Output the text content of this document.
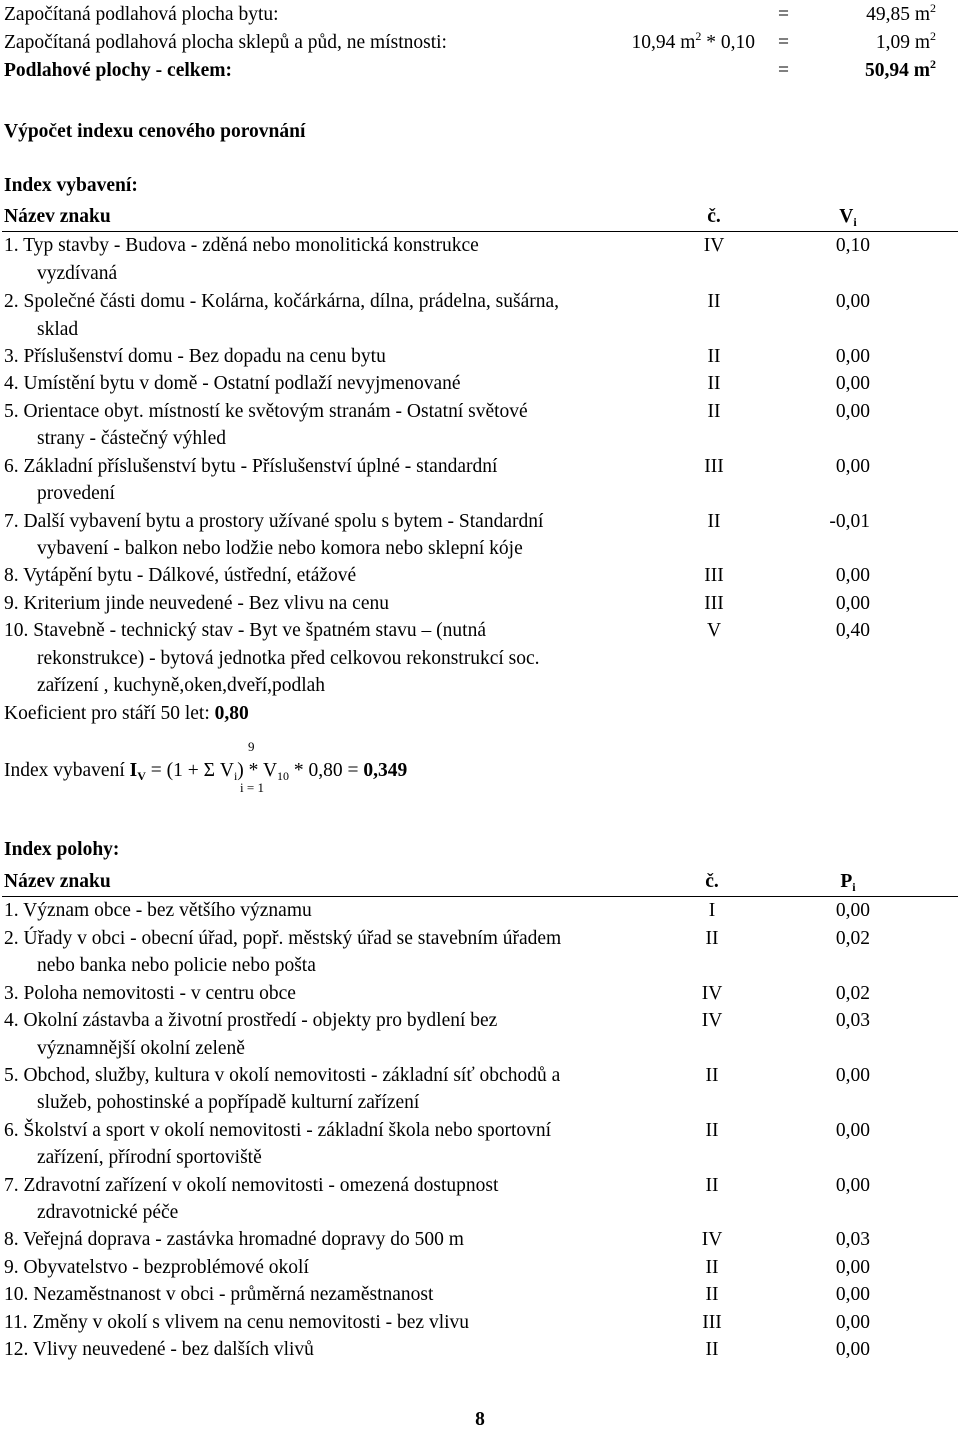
Započítaná podlahová plocha bytu:	=	49,85 $m^2$
Započítaná podlahová plocha sklepů a půd, ne místnosti:	10,94 $m^2 * 0,10$ =	1,09 $m^2$
Podlahové plochy - celkem:	=	50,94 $m^2$
Výpočet indexu cenového porovnání
Index vybavení:
Název znaku	č.	$V_i$
1. Typ stavby - Budova - zděná nebo monolitická konstrukce
vyzdívaná
IV	0,10
2. Společné části domu - Kolárna, kočárkárna, dílna, prádelna, sušárna,
sklad
II	0,00
3. Příslušenství domu - Bez dopadu na cenu bytu	II	0,00
4. Umístění bytu v domě - Ostatní podlaží nevyjmenované	II	0,00
5. Orientace obyt. místností ke světovým stranám - Ostatní světové
strany - částečný výhled
II	0,00
6. Základní příslušenství bytu - Příslušenství úplné - standardní
provedení
III	0,00
7. Další vybavení bytu a prostory užívané spolu s bytem - Standardní
vybavení - balkon nebo lodžie nebo komora nebo sklepní kóje
II	-0,01
8. Vytápění bytu - Dálkové, ústřední, etážové	III	0,00
9. Kriterium jinde neuvedené - Bez vlivu na cenu	III	0,00
10. Stavebně - technický stav - Byt ve špatném stavu – (nutná
rekonstrukce) - bytová jednotka před celkovou rekonstrukcí soc.
zařízení , kuchyně,oken,dveří,podlah
V	0,40
Koeficient pro stáří 50 let: 0,80
9
Index vybavení $I_V = (1 + \Sigma$ $V_i) * V_{10} * 0,80 = 0,349$
i = 1
Index polohy:
Název znaku	č.	$P_i$
1. Význam obce - bez většího významu	I	0,00
2. Úřady v obci - obecní úřad, popř. městský úřad se stavebním úřadem
nebo banka nebo policie nebo pošta
II	0,02
3. Poloha nemovitosti - v centru obce	IV	0,02
4. Okolní zástavba a životní prostředí - objekty pro bydlení bez
významnější okolní zeleně
IV	0,03
5. Obchod, služby, kultura v okolí nemovitosti - základní síť obchodů a
služeb, pohostinské a popřípadě kulturní zařízení
II	0,00
6. Školství a sport v okolí nemovitosti - základní škola nebo sportovní
zařízení, přírodní sportoviště
II	0,00
7. Zdravotní zařízení v okolí nemovitosti - omezená dostupnost
zdravotnické péče
II	0,00
8. Veřejná doprava - zastávka hromadné dopravy do 500 m	IV	0,03
9. Obyvatelstvo - bezproblémové okolí	II	0,00
10. Nezaměstnanost v obci - průměrná nezaměstnanost	II	0,00
11. Změny v okolí s vlivem na cenu nemovitosti - bez vlivu	III	0,00
12. Vlivy neuvedené - bez dalších vlivů	II	0,00
8
